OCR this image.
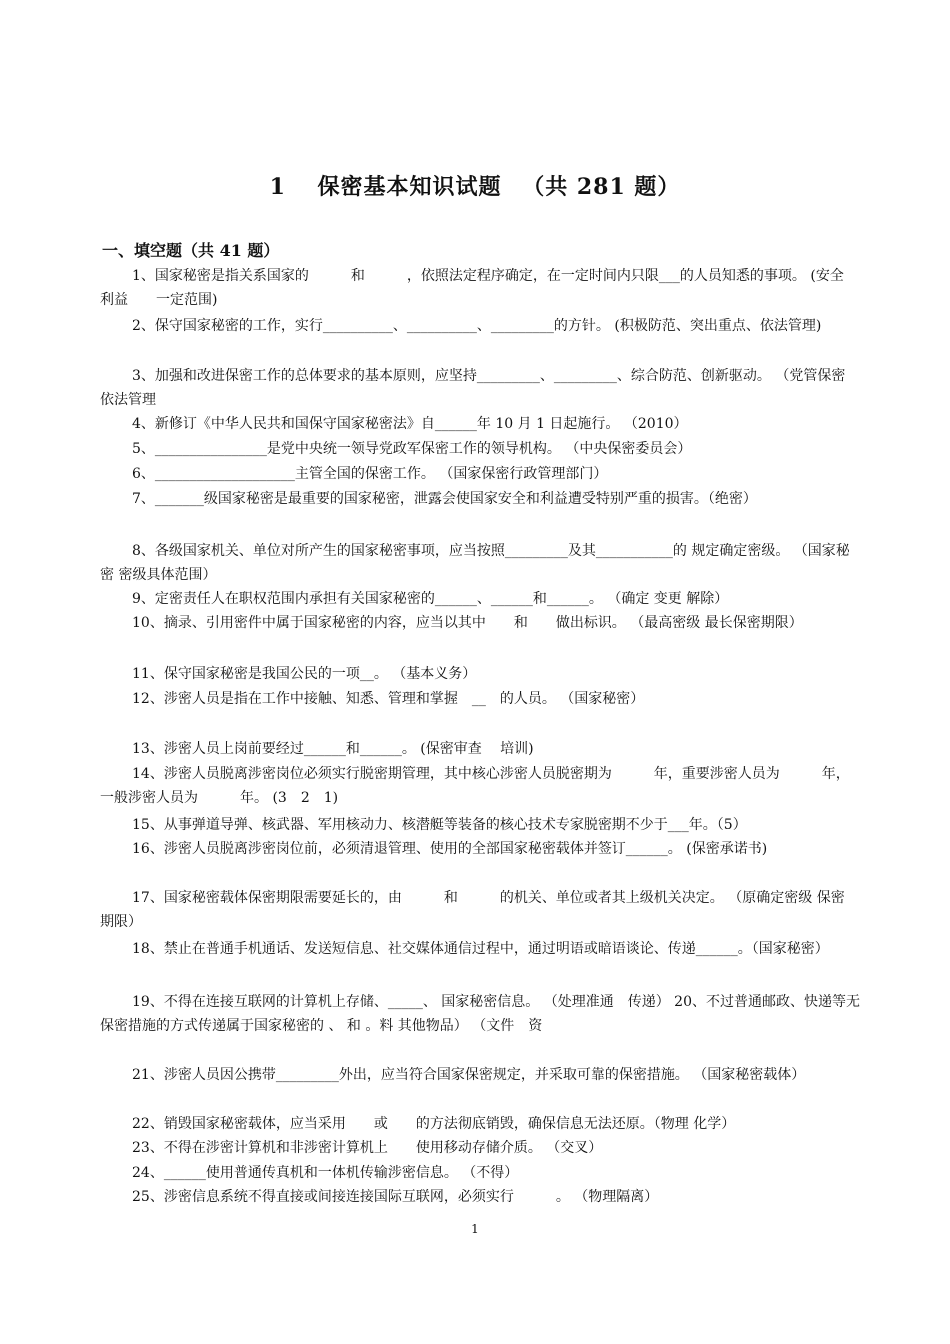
1　 保密基本知识试题 　（共 281 题）
一、填空题（共 41 题）
1、国家秘密是指关系国家的　　　和　　　，依照法定程序确定，在一定时间内只限___的人员知悉的事项。 (安全　利益　　一定范围)
2、保守国家秘密的工作，实行__________、__________、_________的方针。 (积极防范、突出重点、依法管理)
3、加强和改进保密工作的总体要求的基本原则，应坚持_________、_________、综合防范、创新驱动。 （党管保密 依法管理
4、新修订《中华人民共和国保守国家秘密法》自______年 10 月 1 日起施行。 （2010）
5、________________是党中央统一领导党政军保密工作的领导机构。 （中央保密委员会）
6、____________________主管全国的保密工作。 （国家保密行政管理部门）
7、_______级国家秘密是最重要的国家秘密，泄露会使国家安全和利益遭受特别严重的损害。（绝密）
8、各级国家机关、单位对所产生的国家秘密事项，应当按照_________及其___________的 规定确定密级。 （国家秘密 密级具体范围）
9、定密责任人在职权范围内承担有关国家秘密的______、______和______。 （确定 变更 解除）
10、摘录、引用密件中属于国家秘密的内容，应当以其中　　和　　做出标识。 （最高密级 最长保密期限）
11、保守国家秘密是我国公民的一项__。 （基本义务）
12、涉密人员是指在工作中接触、知悉、管理和掌握　__　的人员。 （国家秘密）
13、涉密人员上岗前要经过______和______。 (保密审查　 培训)
14、涉密人员脱离涉密岗位必须实行脱密期管理，其中核心涉密人员脱密期为　　　年，重要涉密人员为　　　年，一般涉密人员为　　　年。 (3　2　1)
15、从事弹道导弹、核武器、军用核动力、核潜艇等装备的核心技术专家脱密期不少于___年。（5）
16、涉密人员脱离涉密岗位前，必须清退管理、使用的全部国家秘密载体并签订______。 (保密承诺书)
17、国家秘密载体保密期限需要延长的，由　　　和　　　的机关、单位或者其上级机关决定。 （原确定密级 保密期限）
18、禁止在普通手机通话、发送短信息、社交媒体通信过程中，通过明语或暗语谈论、传递______。（国家秘密）
19、不得在连接互联网的计算机上存储、_____、 国家秘密信息。 （处理准通　传递） 20、不过普通邮政、快递等无保密措施的方式传递属于国家秘密的 、 和 。料 其他物品） （文件　资
21、涉密人员因公携带_________外出，应当符合国家保密规定，并采取可靠的保密措施。 （国家秘密载体）
22、销毁国家秘密载体，应当采用　　或　　的方法彻底销毁，确保信息无法还原。（物理 化学）
23、不得在涉密计算机和非涉密计算机上　　使用移动存储介质。 （交叉）
24、______使用普通传真机和一体机传输涉密信息。 （不得）
25、涉密信息系统不得直接或间接连接国际互联网，必须实行　　　。 （物理隔离）
1
